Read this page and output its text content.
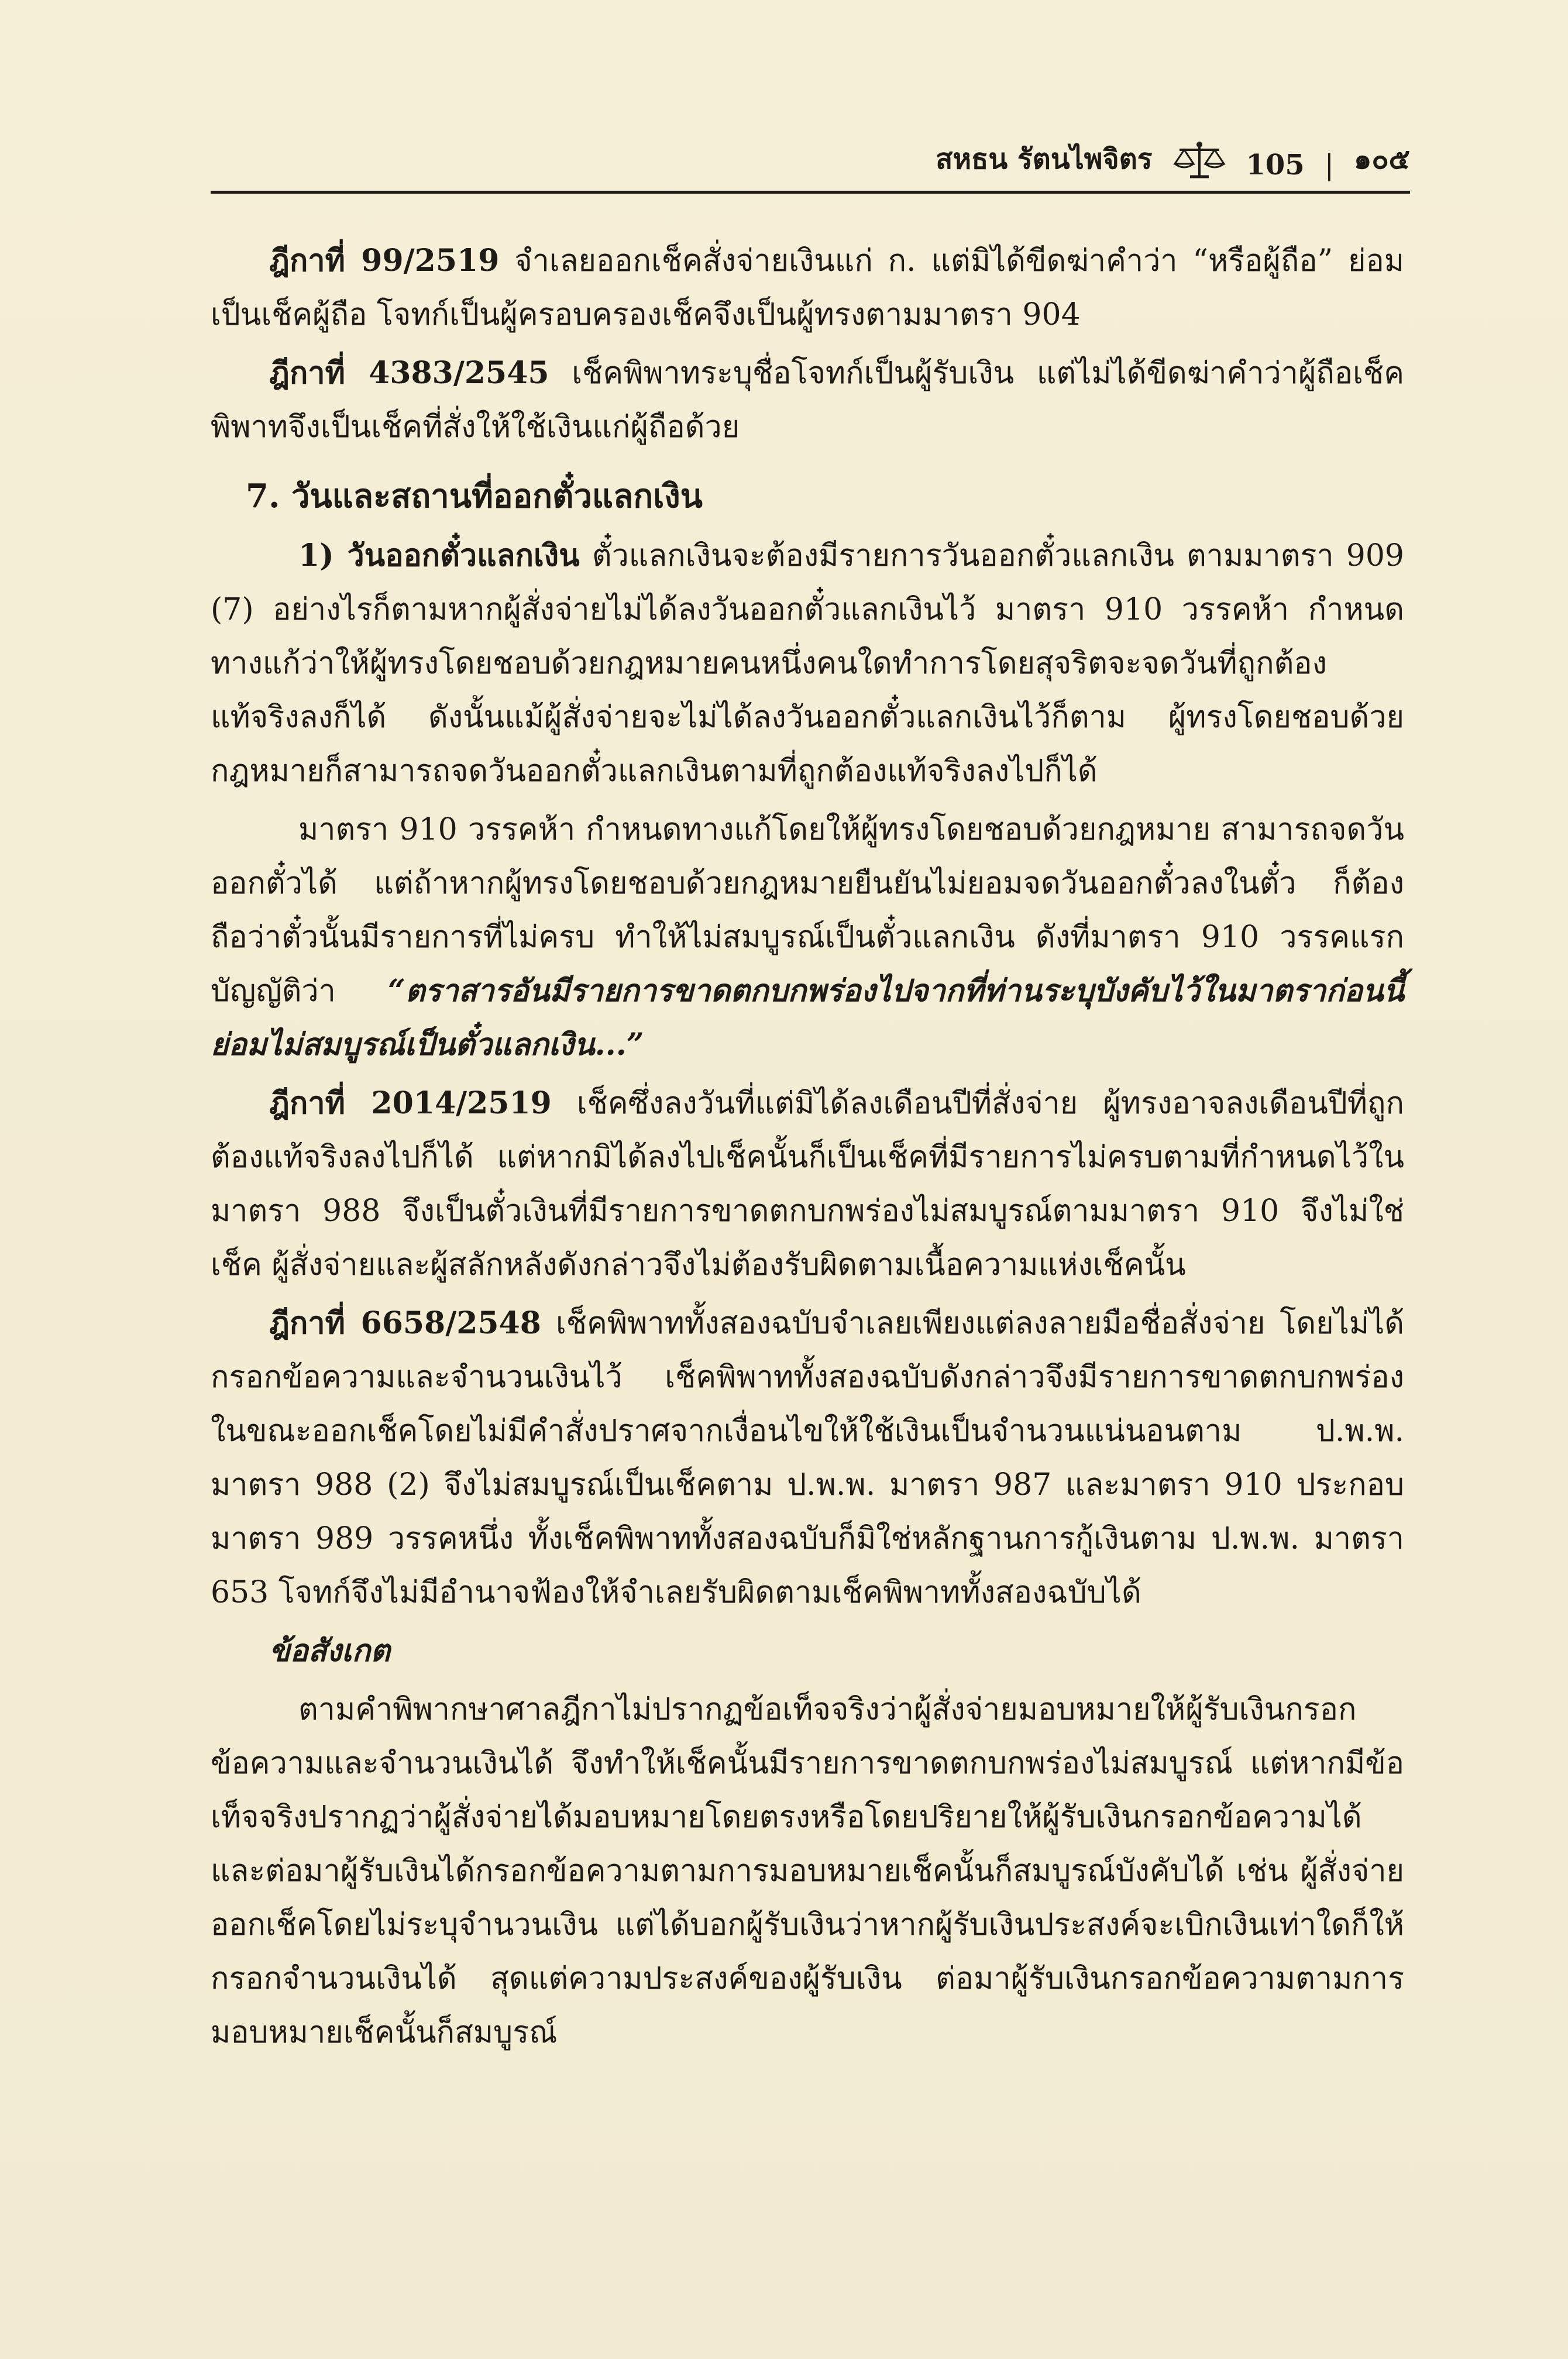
สหธน รัตนไพจิตร	105 | ๑๐๕

ฎีกาที่ 99/2519 จำเลยออกเช็คสั่งจ่ายเงินแก่ ก. แต่มิได้ขีดฆ่าคำว่า “หรือผู้ถือ” ย่อมเป็นเช็คผู้ถือ โจทก์เป็นผู้ครอบครองเช็คจึงเป็นผู้ทรงตามมาตรา 904

ฎีกาที่ 4383/2545 เช็คพิพาทระบุชื่อโจทก์เป็นผู้รับเงิน แต่ไม่ได้ขีดฆ่าคำว่าผู้ถือเช็คพิพาทจึงเป็นเช็คที่สั่งให้ใช้เงินแก่ผู้ถือด้วย

7. วันและสถานที่ออกตั๋วแลกเงิน

1) วันออกตั๋วแลกเงิน ตั๋วแลกเงินจะต้องมีรายการวันออกตั๋วแลกเงิน ตามมาตรา 909 (7) อย่างไรก็ตามหากผู้สั่งจ่ายไม่ได้ลงวันออกตั๋วแลกเงินไว้ มาตรา 910 วรรคห้า กำหนดทางแก้ว่าให้ผู้ทรงโดยชอบด้วยกฎหมายคนหนึ่งคนใดทำการโดยสุจริตจะจดวันที่ถูกต้องแท้จริงลงก็ได้ ดังนั้นแม้ผู้สั่งจ่ายจะไม่ได้ลงวันออกตั๋วแลกเงินไว้ก็ตาม ผู้ทรงโดยชอบด้วยกฎหมายก็สามารถจดวันออกตั๋วแลกเงินตามที่ถูกต้องแท้จริงลงไปก็ได้

มาตรา 910 วรรคห้า กำหนดทางแก้โดยให้ผู้ทรงโดยชอบด้วยกฎหมาย สามารถจดวันออกตั๋วได้ แต่ถ้าหากผู้ทรงโดยชอบด้วยกฎหมายยืนยันไม่ยอมจดวันออกตั๋วลงในตั๋ว ก็ต้องถือว่าตั๋วนั้นมีรายการที่ไม่ครบ ทำให้ไม่สมบูรณ์เป็นตั๋วแลกเงิน ดังที่มาตรา 910 วรรคแรก บัญญัติว่า “ตราสารอันมีรายการขาดตกบกพร่องไปจากที่ท่านระบุบังคับไว้ในมาตราก่อนนี้ ย่อมไม่สมบูรณ์เป็นตั๋วแลกเงิน...”

ฎีกาที่ 2014/2519 เช็คซึ่งลงวันที่แต่มิได้ลงเดือนปีที่สั่งจ่าย ผู้ทรงอาจลงเดือนปีที่ถูกต้องแท้จริงลงไปก็ได้ แต่หากมิได้ลงไปเช็คนั้นก็เป็นเช็คที่มีรายการไม่ครบตามที่กำหนดไว้ในมาตรา 988 จึงเป็นตั๋วเงินที่มีรายการขาดตกบกพร่องไม่สมบูรณ์ตามมาตรา 910 จึงไม่ใช่เช็ค ผู้สั่งจ่ายและผู้สลักหลังดังกล่าวจึงไม่ต้องรับผิดตามเนื้อความแห่งเช็คนั้น

ฎีกาที่ 6658/2548 เช็คพิพาททั้งสองฉบับจำเลยเพียงแต่ลงลายมือชื่อสั่งจ่าย โดยไม่ได้กรอกข้อความและจำนวนเงินไว้ เช็คพิพาททั้งสองฉบับดังกล่าวจึงมีรายการขาดตกบกพร่องในขณะออกเช็คโดยไม่มีคำสั่งปราศจากเงื่อนไขให้ใช้เงินเป็นจำนวนแน่นอนตาม ป.พ.พ. มาตรา 988 (2) จึงไม่สมบูรณ์เป็นเช็คตาม ป.พ.พ. มาตรา 987 และมาตรา 910 ประกอบมาตรา 989 วรรคหนึ่ง ทั้งเช็คพิพาททั้งสองฉบับก็มิใช่หลักฐานการกู้เงินตาม ป.พ.พ. มาตรา 653 โจทก์จึงไม่มีอำนาจฟ้องให้จำเลยรับผิดตามเช็คพิพาททั้งสองฉบับได้

ข้อสังเกต

ตามคำพิพากษาศาลฎีกาไม่ปรากฏข้อเท็จจริงว่าผู้สั่งจ่ายมอบหมายให้ผู้รับเงินกรอกข้อความและจำนวนเงินได้ จึงทำให้เช็คนั้นมีรายการขาดตกบกพร่องไม่สมบูรณ์ แต่หากมีข้อเท็จจริงปรากฏว่าผู้สั่งจ่ายได้มอบหมายโดยตรงหรือโดยปริยายให้ผู้รับเงินกรอกข้อความได้ และต่อมาผู้รับเงินได้กรอกข้อความตามการมอบหมายเช็คนั้นก็สมบูรณ์บังคับได้ เช่น ผู้สั่งจ่ายออกเช็คโดยไม่ระบุจำนวนเงิน แต่ได้บอกผู้รับเงินว่าหากผู้รับเงินประสงค์จะเบิกเงินเท่าใดก็ให้กรอกจำนวนเงินได้ สุดแต่ความประสงค์ของผู้รับเงิน ต่อมาผู้รับเงินกรอกข้อความตามการมอบหมายเช็คนั้นก็สมบูรณ์
